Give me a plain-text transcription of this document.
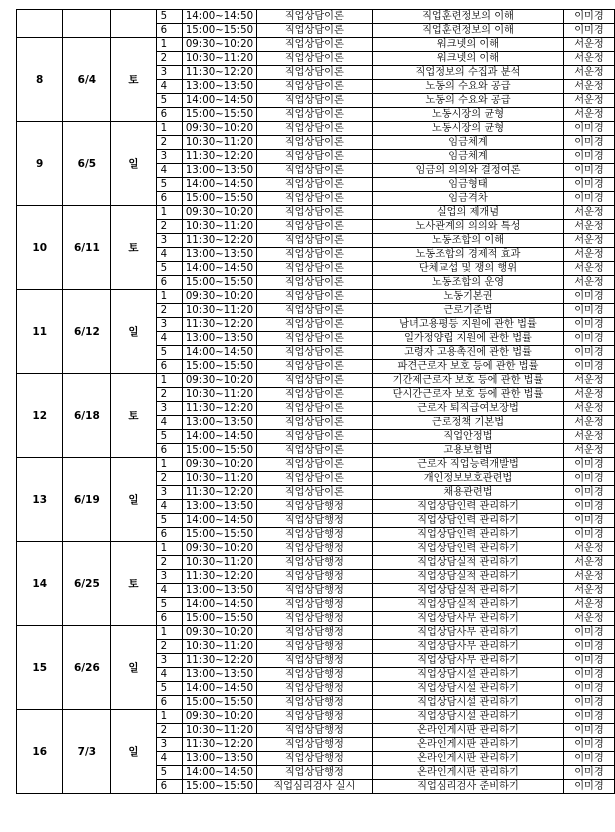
			5	14:00~14:50	직업상담이론	직업훈련정보의 이해	이미경
			6	15:00~15:50	직업상담이론	직업훈련정보의 이해	이미경
8	6/4	토	1	09:30~10:20	직업상담이론	워크넷의 이해	서운정
			2	10:30~11:20	직업상담이론	워크넷의 이해	서운정
			3	11:30~12:20	직업상담이론	직업정보의 수집과 분석	서운정
			4	13:00~13:50	직업상담이론	노동의 수요와 공급	서운정
			5	14:00~14:50	직업상담이론	노동의 수요와 공급	서운정
			6	15:00~15:50	직업상담이론	노동시장의 균형	서운정
9	6/5	일	1	09:30~10:20	직업상담이론	노동시장의 균형	이미경
			2	10:30~11:20	직업상담이론	임금체계	이미경
			3	11:30~12:20	직업상담이론	임금체계	이미경
			4	13:00~13:50	직업상담이론	임금의 의의와 결정여론	이미경
			5	14:00~14:50	직업상담이론	임금형태	이미경
			6	15:00~15:50	직업상담이론	임금격차	이미경
10	6/11	토	1	09:30~10:20	직업상담이론	실업의 제개념	서운정
			2	10:30~11:20	직업상담이론	노사관계의 의의와 특성	서운정
			3	11:30~12:20	직업상담이론	노동조합의 이해	서운정
			4	13:00~13:50	직업상담이론	노동조합의 경제적 효과	서운정
			5	14:00~14:50	직업상담이론	단체교섭 및 쟁의 행위	서운정
			6	15:00~15:50	직업상담이론	노동조합의 운영	서운정
11	6/12	일	1	09:30~10:20	직업상담이론	노동기본권	이미경
			2	10:30~11:20	직업상담이론	근로기준법	이미경
			3	11:30~12:20	직업상담이론	남녀고용평등 지원에 관한 법률	이미경
			4	13:00~13:50	직업상담이론	일가정양립 지원에 관한 법률	이미경
			5	14:00~14:50	직업상담이론	고령자 고용촉진에 관한 법률	이미경
			6	15:00~15:50	직업상담이론	파견근로자 보호 등에 관한 법률	이미경
12	6/18	토	1	09:30~10:20	직업상담이론	기간제근로자 보호 등에 관한 법률	서운정
			2	10:30~11:20	직업상담이론	단시간근로자 보호 등에 관한 법률	서운정
			3	11:30~12:20	직업상담이론	근로자 퇴직급여보장법	서운정
			4	13:00~13:50	직업상담이론	근로정책 기본법	서운정
			5	14:00~14:50	직업상담이론	직업안정법	서운정
			6	15:00~15:50	직업상담이론	고용보험법	서운정
13	6/19	일	1	09:30~10:20	직업상담이론	근로자 직업능력개발법	이미경
			2	10:30~11:20	직업상담이론	개인정보보호관련법	이미경
			3	11:30~12:20	직업상담이론	채용관련법	이미경
			4	13:00~13:50	직업상담행정	직업상담인력 관리하기	이미경
			5	14:00~14:50	직업상담행정	직업상담인력 관리하기	이미경
			6	15:00~15:50	직업상담행정	직업상담인력 관리하기	이미경
14	6/25	토	1	09:30~10:20	직업상담행정	직업상담인력 관리하기	서운정
			2	10:30~11:20	직업상담행정	직업상담실적 관리하기	서운정
			3	11:30~12:20	직업상담행정	직업상담실적 관리하기	서운정
			4	13:00~13:50	직업상담행정	직업상담실적 관리하기	서운정
			5	14:00~14:50	직업상담행정	직업상담실적 관리하기	서운정
			6	15:00~15:50	직업상담행정	직업상담사무 관리하기	서운정
15	6/26	일	1	09:30~10:20	직업상담행정	직업상담사무 관리하기	이미경
			2	10:30~11:20	직업상담행정	직업상담사무 관리하기	이미경
			3	11:30~12:20	직업상담행정	직업상담사무 관리하기	이미경
			4	13:00~13:50	직업상담행정	직업상담시설 관리하기	이미경
			5	14:00~14:50	직업상담행정	직업상담시설 관리하기	이미경
			6	15:00~15:50	직업상담행정	직업상담시설 관리하기	이미경
16	7/3	일	1	09:30~10:20	직업상담행정	직업상담시설 관리하기	이미경
			2	10:30~11:20	직업상담행정	온라인게시판 관리하기	이미경
			3	11:30~12:20	직업상담행정	온라인게시판 관리하기	이미경
			4	13:00~13:50	직업상담행정	온라인게시판 관리하기	이미경
			5	14:00~14:50	직업상담행정	온라인게시판 관리하기	이미경
			6	15:00~15:50	직업심리검사 실시	직업심리검사 준비하기	이미경
